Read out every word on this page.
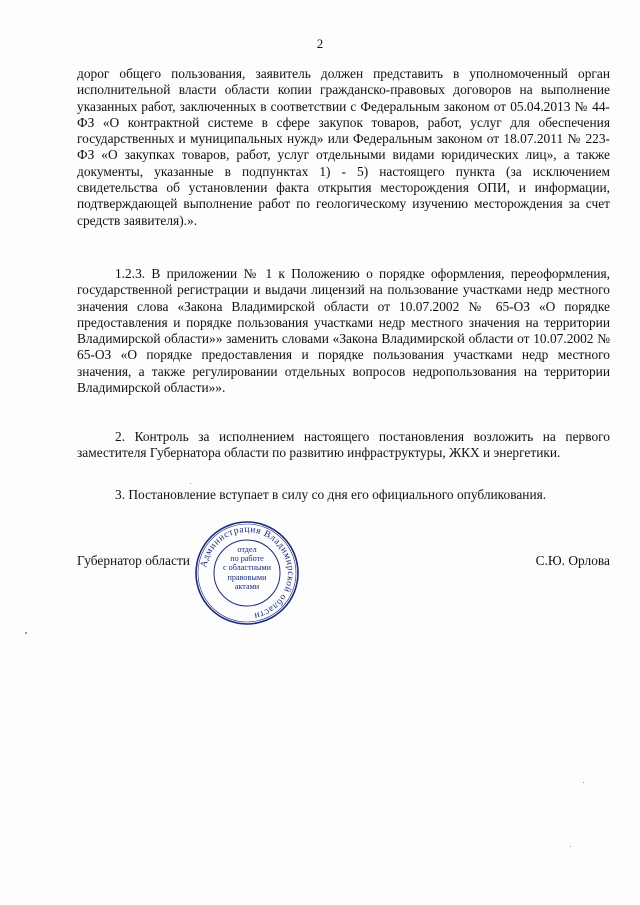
2

дорог общего пользования, заявитель должен представить в уполномоченный орган исполнительной власти области копии гражданско-правовых договоров на выполнение указанных работ, заключенных в соответствии с Федеральным законом от 05.04.2013 № 44-ФЗ «О контрактной системе в сфере закупок товаров, работ, услуг для обеспечения государственных и муниципальных нужд» или Федеральным законом от 18.07.2011 № 223-ФЗ «О закупках товаров, работ, услуг отдельными видами юридических лиц», а также документы, указанные в подпунктах 1) - 5) настоящего пункта (за исключением свидетельства об установлении факта открытия месторождения ОПИ, и информации, подтверждающей выполнение работ по геологическому изучению месторождения за счет средств заявителя).».

1.2.3. В приложении № 1 к Положению о порядке оформления, переоформления, государственной регистрации и выдачи лицензий на пользование участками недр местного значения слова «Закона Владимирской области от 10.07.2002 № 65-ОЗ «О порядке предоставления и порядке пользования участками недр местного значения на территории Владимирской области»» заменить словами «Закона Владимирской области от 10.07.2002 № 65-ОЗ «О порядке предоставления и порядке пользования участками недр местного значения, а также регулировании отдельных вопросов недропользования на территории Владимирской области»».

2. Контроль за исполнением настоящего постановления возложить на первого заместителя Губернатора области по развитию инфраструктуры, ЖКХ и энергетики.

3. Постановление вступает в силу со дня его официального опубликования.

Губернатор области	С.Ю. Орлова
Администрация Владимирской области
отдел
по работе
с областными
правовыми
актами
